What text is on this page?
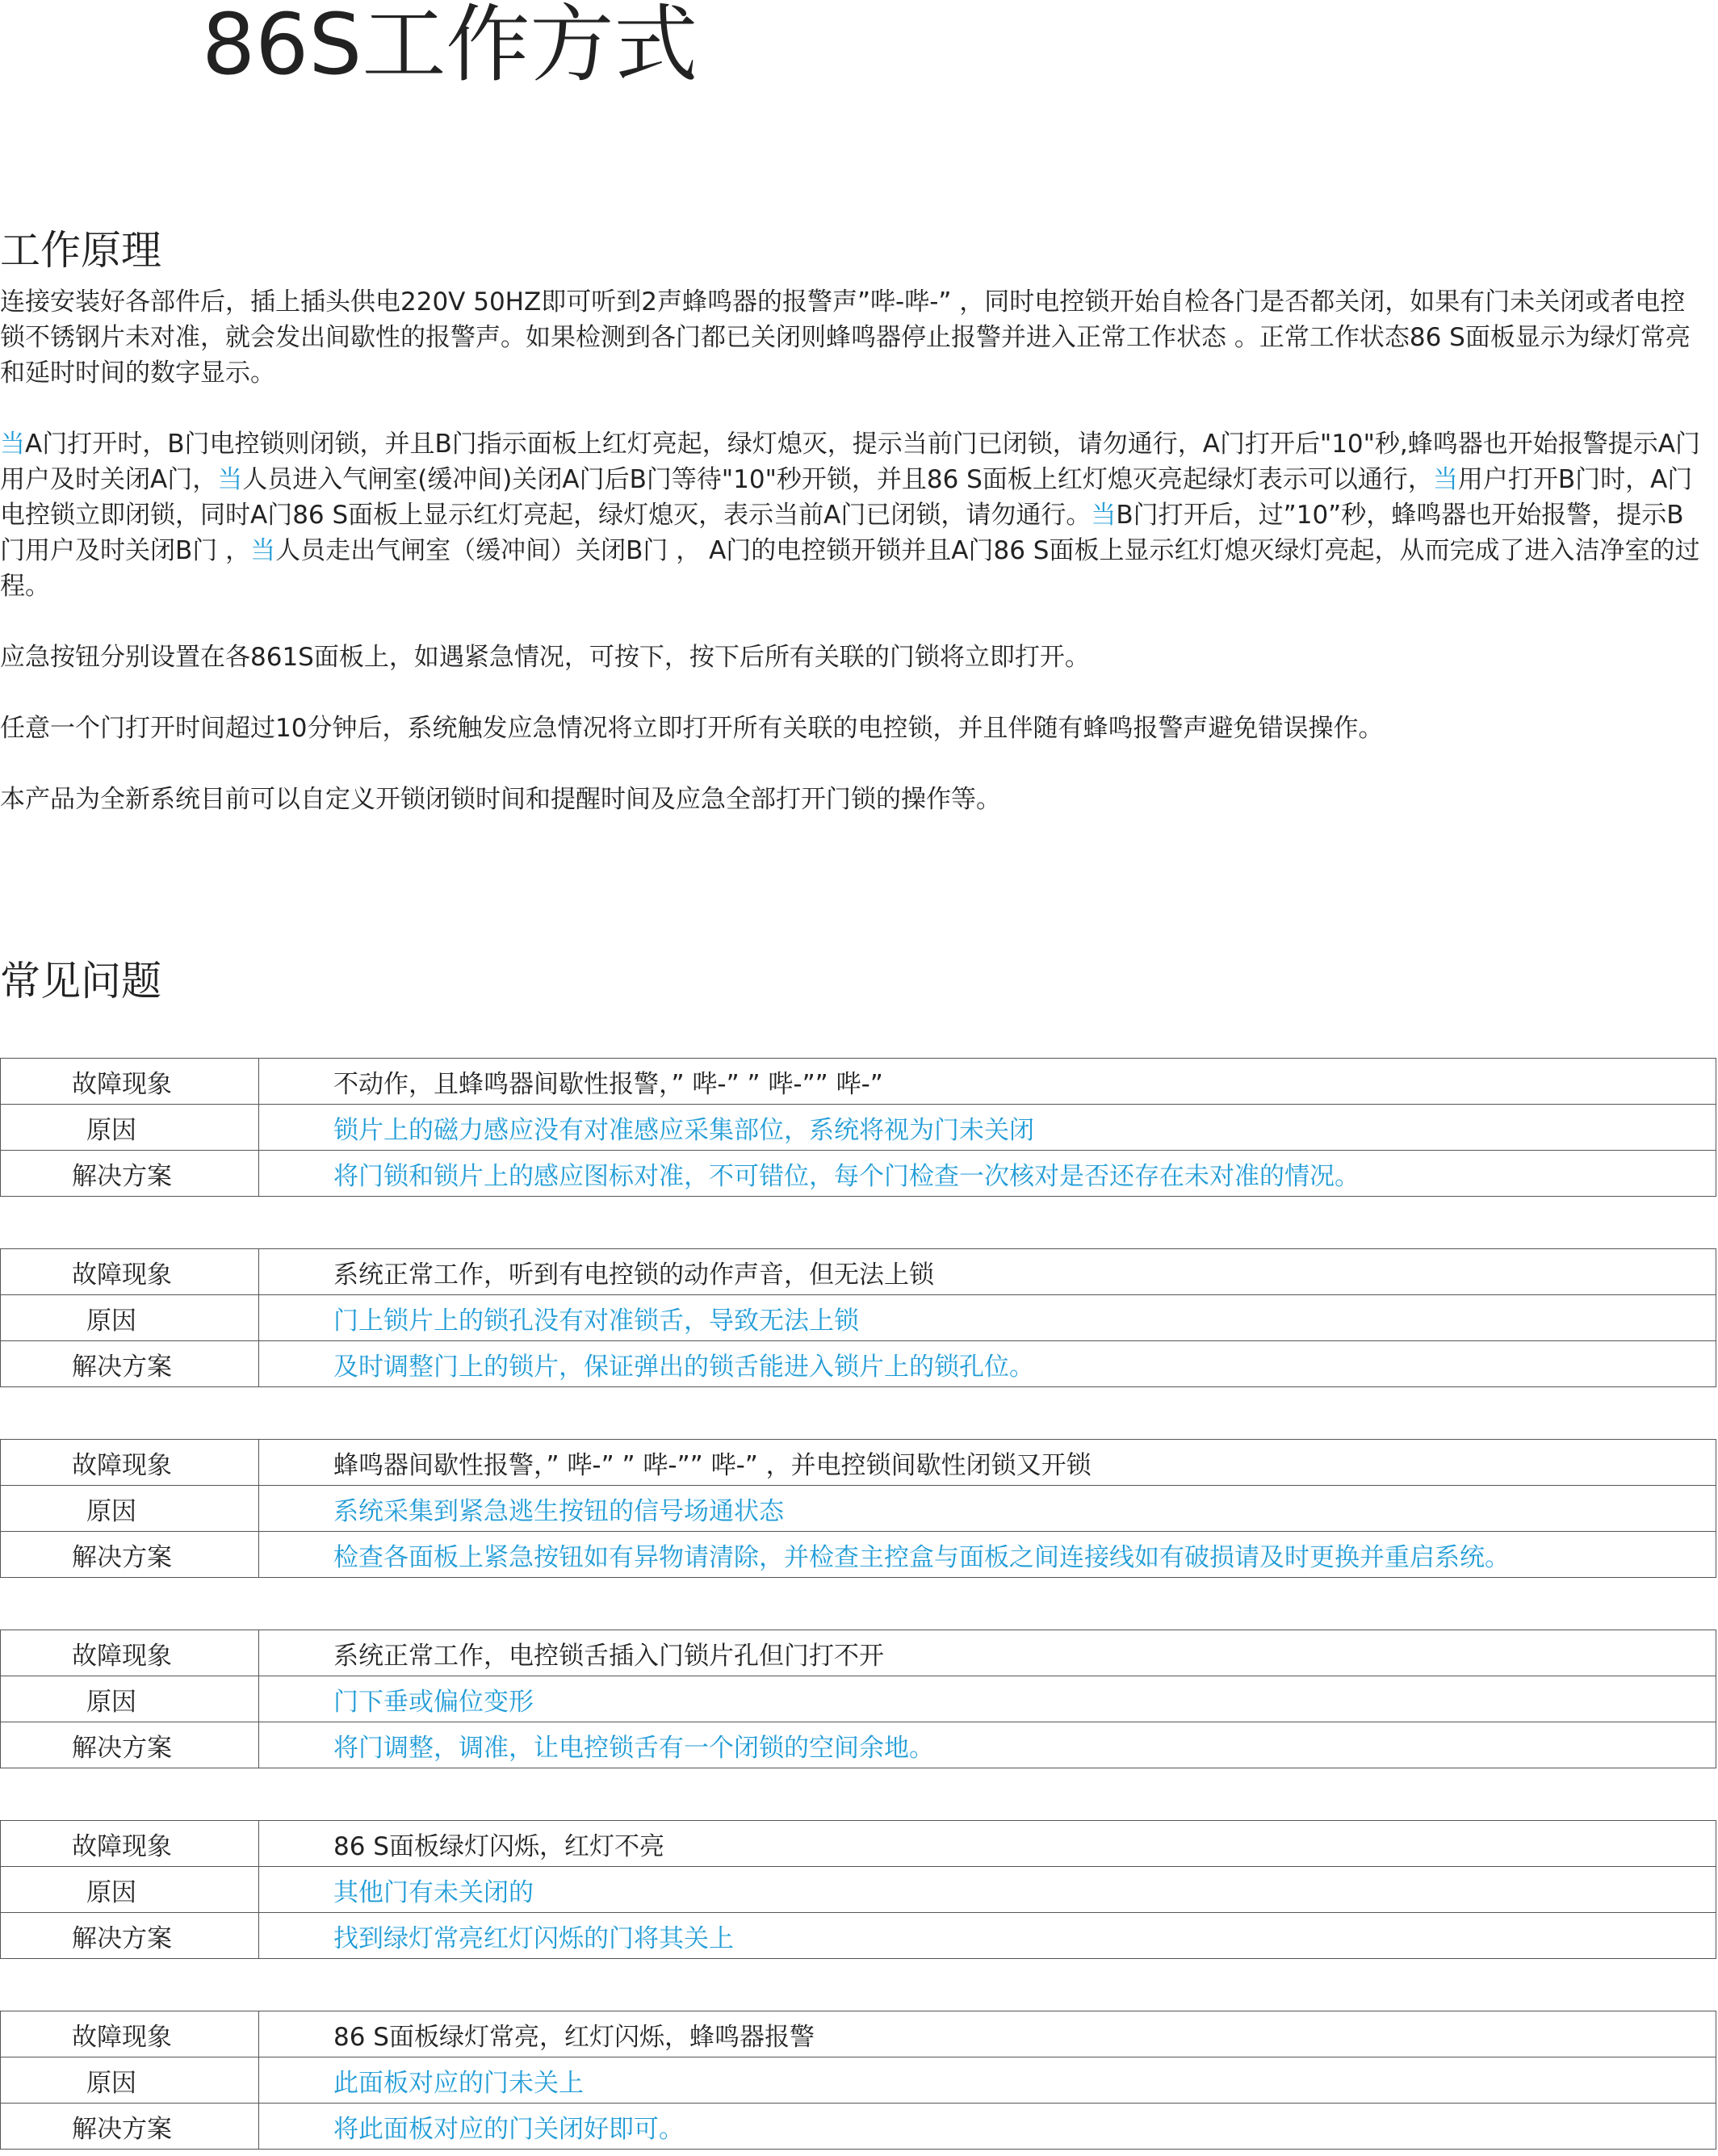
86S工作方式
工作原理

连接安装好各部件后，插上插头供电220V 50HZ即可听到2声蜂鸣器的报警声”哔-哔-” ，同时电控锁开始自检各门是否都关闭，如果有门未关闭或者电控锁不锈钢片未对准，就会发出间歇性的报警声。如果检测到各门都已关闭则蜂鸣器停止报警并进入正常工作状态 。正常工作状态86 S面板显示为绿灯常亮和延时时间的数字显示。

当A门打开时，B门电控锁则闭锁，并且B门指示面板上红灯亮起，绿灯熄灭，提示当前门已闭锁，请勿通行，A门打开后"10"秒,蜂鸣器也开始报警提示A门用户及时关闭A门，当人员进入气闸室(缓冲间)关闭A门后B门等待"10"秒开锁，并且86 S面板上红灯熄灭亮起绿灯表示可以通行，当用户打开B门时，A门电控锁立即闭锁，同时A门86 S面板上显示红灯亮起，绿灯熄灭，表示当前A门已闭锁，请勿通行。当B门打开后，过”10”秒，蜂鸣器也开始报警，提示B门用户及时关闭B门 ，当人员走出气闸室（缓冲间）关闭B门 ， A门的电控锁开锁并且A门86 S面板上显示红灯熄灭绿灯亮起，从而完成了进入洁净室的过程。

应急按钮分别设置在各861S面板上，如遇紧急情况，可按下，按下后所有关联的门锁将立即打开。

任意一个门打开时间超过10分钟后，系统触发应急情况将立即打开所有关联的电控锁，并且伴随有蜂鸣报警声避免错误操作。

本产品为全新系统目前可以自定义开锁闭锁时间和提醒时间及应急全部打开门锁的操作等。

常见问题
故障现象	不动作，且蜂鸣器间歇性报警，” 哔-” ” 哔-”” 哔-”
原因	锁片上的磁力感应没有对准感应采集部位，系统将视为门未关闭
解决方案	将门锁和锁片上的感应图标对准，不可错位，每个门检查一次核对是否还存在未对准的情况。
故障现象	系统正常工作，听到有电控锁的动作声音，但无法上锁
原因	门上锁片上的锁孔没有对准锁舌，导致无法上锁
解决方案	及时调整门上的锁片，保证弹出的锁舌能进入锁片上的锁孔位。
故障现象	蜂鸣器间歇性报警，” 哔-” ” 哔-”” 哔-” ，并电控锁间歇性闭锁又开锁
原因	系统采集到紧急逃生按钮的信号场通状态
解决方案	检查各面板上紧急按钮如有异物请清除，并检查主控盒与面板之间连接线如有破损请及时更换并重启系统。
故障现象	系统正常工作，电控锁舌插入门锁片孔但门打不开
原因	门下垂或偏位变形
解决方案	将门调整，调准，让电控锁舌有一个闭锁的空间余地。
故障现象	86 S面板绿灯闪烁，红灯不亮
原因	其他门有未关闭的
解决方案	找到绿灯常亮红灯闪烁的门将其关上
故障现象	86 S面板绿灯常亮，红灯闪烁，蜂鸣器报警
原因	此面板对应的门未关上
解决方案	将此面板对应的门关闭好即可。
